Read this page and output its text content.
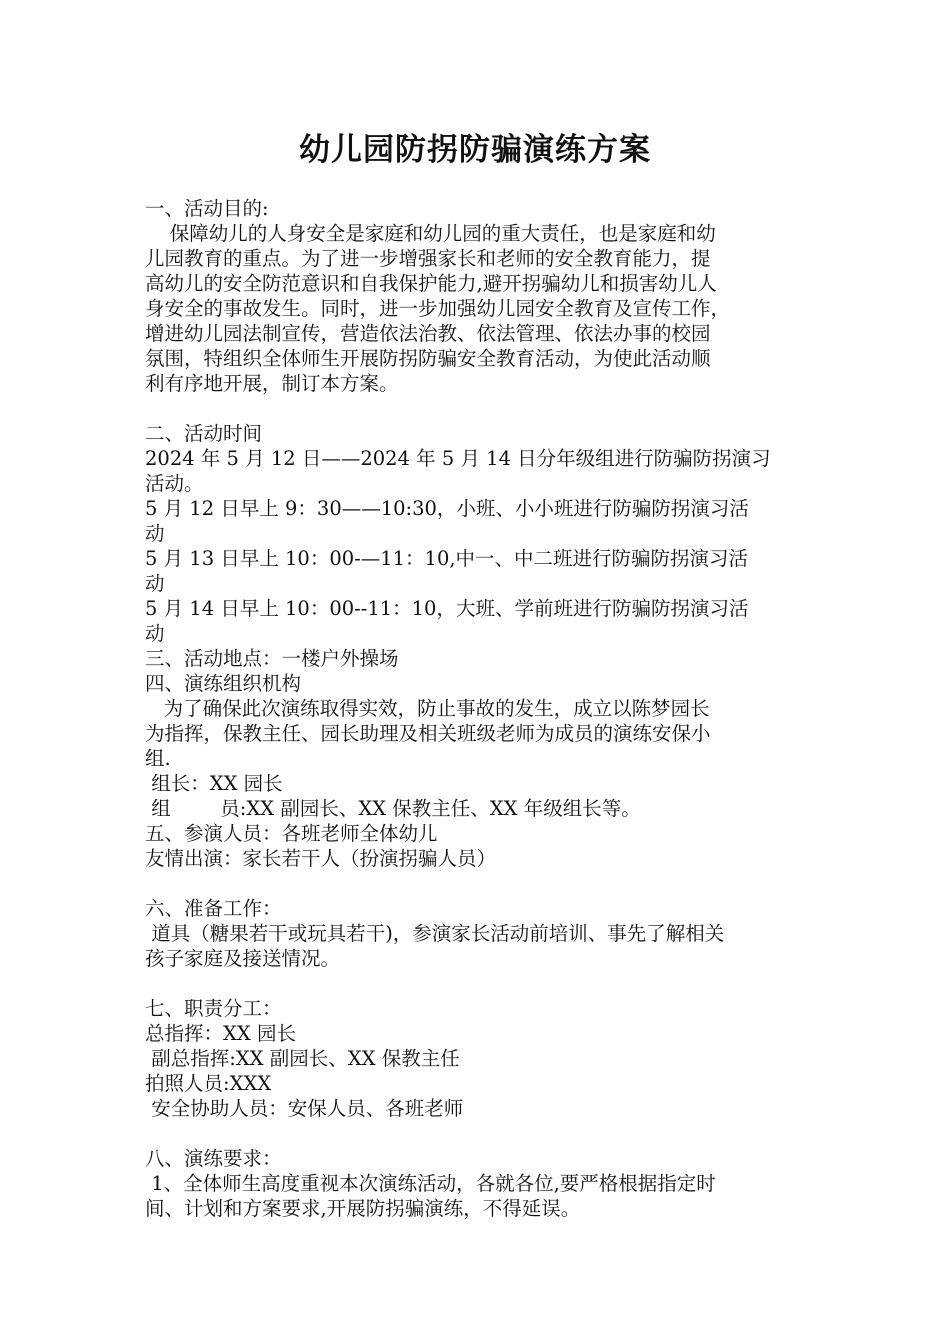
幼儿园防拐防骗演练方案
一、活动目的:
保障幼儿的人身安全是家庭和幼儿园的重大责任，也是家庭和幼
儿园教育的重点。为了进一步增强家长和老师的安全教育能力，提
高幼儿的安全防范意识和自我保护能力,避开拐骗幼儿和损害幼儿人
身安全的事故发生。同时，进一步加强幼儿园安全教育及宣传工作，
增进幼儿园法制宣传，营造依法治教、依法管理、依法办事的校园
氛围，特组织全体师生开展防拐防骗安全教育活动，为使此活动顺
利有序地开展，制订本方案。
二、活动时间
2024 年 5 月 12 日——2024 年 5 月 14 日分年级组进行防骗防拐演习
活动。
5 月 12 日早上 9：30——10:30，小班、小小班进行防骗防拐演习活
动
5 月 13 日早上 10：00-—11：10,中一、中二班进行防骗防拐演习活
动
5 月 14 日早上 10：00--11：10，大班、学前班进行防骗防拐演习活
动
三、活动地点：一楼户外操场
四、演练组织机构
为了确保此次演练取得实效，防止事故的发生，成立以陈梦园长
为指挥，保教主任、园长助理及相关班级老师为成员的演练安保小
组.
组长：XX 园长
组        员:XX 副园长、XX 保教主任、XX 年级组长等。
五、参演人员：各班老师全体幼儿
友情出演：家长若干人（扮演拐骗人员）
六、准备工作：
道具（糖果若干或玩具若干)，参演家长活动前培训、事先了解相关
孩子家庭及接送情况。
七、职责分工：
总指挥：XX 园长
副总指挥:XX 副园长、XX 保教主任
拍照人员:XXX
安全协助人员：安保人员、各班老师
八、演练要求：
1、全体师生高度重视本次演练活动，各就各位,要严格根据指定时
间、计划和方案要求,开展防拐骗演练，不得延误。
